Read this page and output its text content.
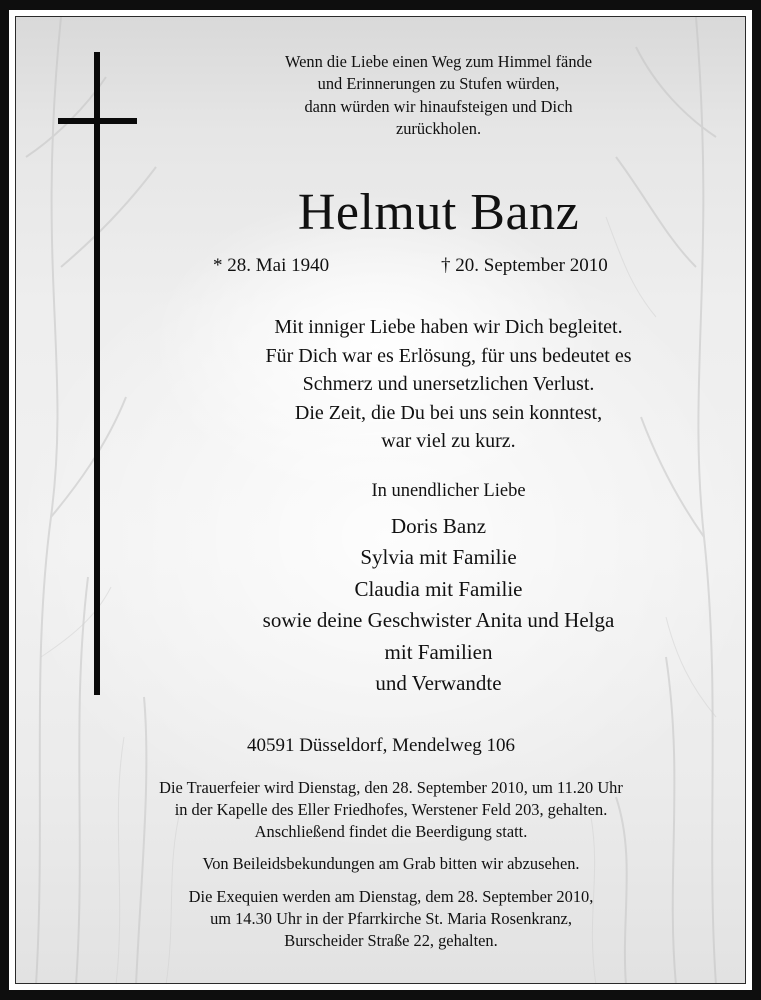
Wenn die Liebe einen Weg zum Himmel fände
und Erinnerungen zu Stufen würden,
dann würden wir hinaufsteigen und Dich
zurückholen.
Helmut Banz
* 28. Mai 1940	† 20. September 2010
Mit inniger Liebe haben wir Dich begleitet.
Für Dich war es Erlösung, für uns bedeutet es
Schmerz und unersetzlichen Verlust.
Die Zeit, die Du bei uns sein konntest,
war viel zu kurz.
In unendlicher Liebe
Doris Banz
Sylvia mit Familie
Claudia mit Familie
sowie deine Geschwister Anita und Helga
mit Familien
und Verwandte
40591 Düsseldorf, Mendelweg 106
Die Trauerfeier wird Dienstag, den 28. September 2010, um 11.20 Uhr
in der Kapelle des Eller Friedhofes, Werstener Feld 203, gehalten.
Anschließend findet die Beerdigung statt.
Von Beileidsbekundungen am Grab bitten wir abzusehen.
Die Exequien werden am Dienstag, dem 28. September 2010,
um 14.30 Uhr in der Pfarrkirche St. Maria Rosenkranz,
Burscheider Straße 22, gehalten.
